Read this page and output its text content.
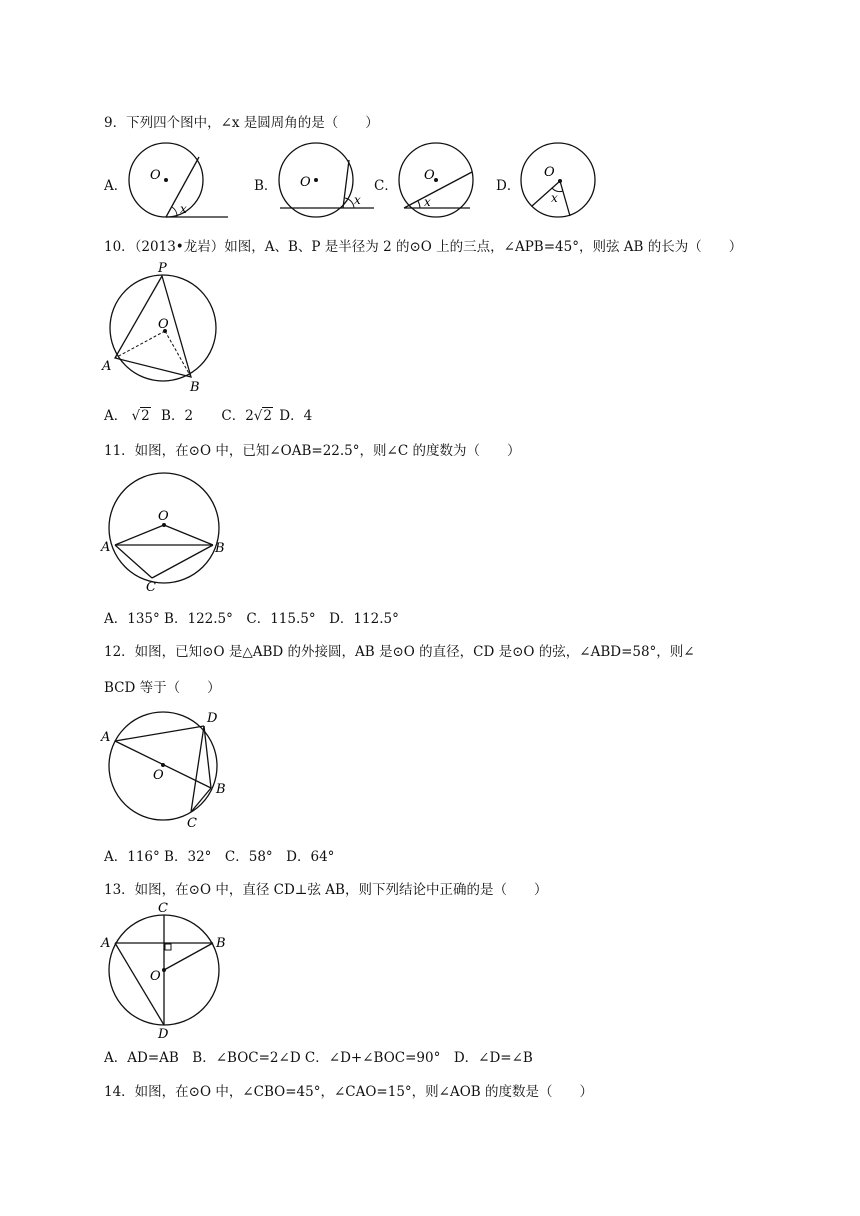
9．下列四个图中，∠x 是圆周角的是（　　）
A．
O
x
B． O
x
C．
O
x
D．
O
x
10．（2013•龙岩）如图，A、B、P 是半径为 2 的⊙O 上的三点，∠APB=45°，则弦 AB 的长为（　　）
P
O
A
B
A． √2 B．2 C．2√2 D．4
11．如图，在⊙O 中，已知∠OAB=22.5°，则∠C 的度数为（　　）
O
A	B
C
A．135° B．122.5°　C．115.5°　D．112.5°
12．如图，已知⊙O 是△ABD 的外接圆，AB 是⊙O 的直径，CD 是⊙O 的弦，∠ABD=58°，则∠
BCD 等于（　　）
A
D
O
B
C
A．116° B．32°　C．58°　D．64°
13．如图，在⊙O 中，直径 CD⊥弦 AB，则下列结论中正确的是（　　）
C
A	B
O
D
A．AD=AB　B．∠BOC=2∠D C．∠D+∠BOC=90°　D．∠D=∠B
14．如图，在⊙O 中，∠CBO=45°，∠CAO=15°，则∠AOB 的度数是（　　）
